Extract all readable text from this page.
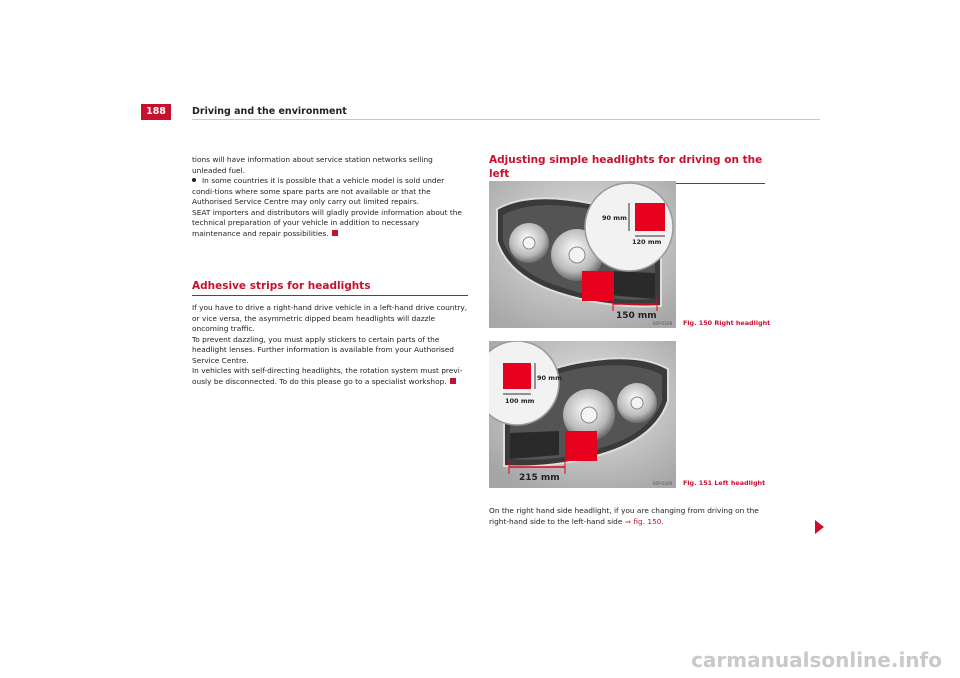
188	Driving and the environment

tions will have information about service station networks selling unleaded fuel.

In some countries it is possible that a vehicle model is sold under condi-tions where some spare parts are not available or that the Authorised Service Centre may only carry out limited repairs.

SEAT importers and distributors will gladly provide information about the technical preparation of your vehicle in addition to necessary maintenance and repair possibilities.

Adhesive strips for headlights

If you have to drive a right-hand drive vehicle in a left-hand drive country, or vice versa, the asymmetric dipped beam headlights will dazzle oncoming traffic.

To prevent dazzling, you must apply stickers to certain parts of the headlight lenses. Further information is available from your Authorised Service Centre.

In vehicles with self-directing headlights, the rotation system must previ-ously be disconnected. To do this please go to a specialist workshop.

Adjusting simple headlights for driving on the left
90 mm
120 mm
150 mm
B5P-0168 Fig. 150 Right headlight
90 mm
100 mm
215 mm
B5P-0169 Fig. 151 Left headlight

On the right hand side headlight, if you are changing from driving on the right-hand side to the left-hand side ⇒ fig. 150.

carmanualsonline.info
